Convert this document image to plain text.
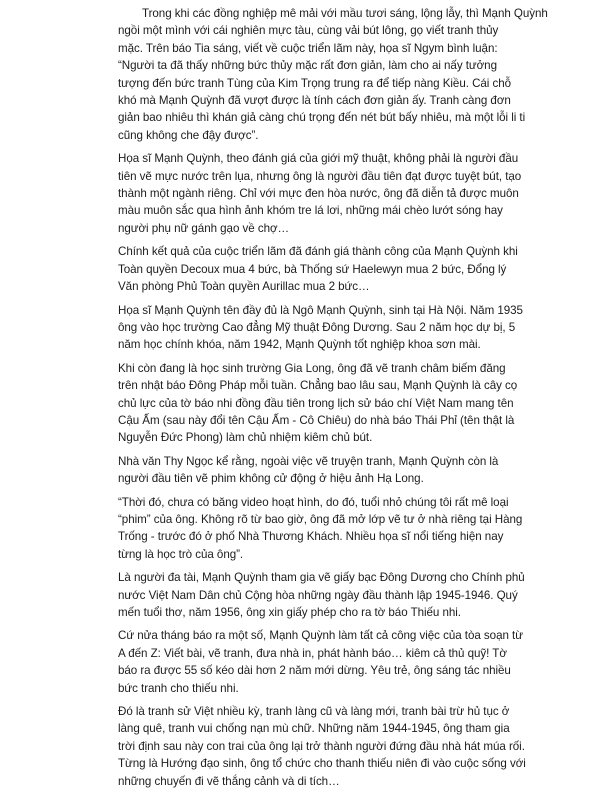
Trong khi các đồng nghiệp mê mải với mầu tươi sáng, lộng lẫy, thì Mạnh Quỳnh
ngồi một mình với cái nghiên mực tàu, cùng vải bút lông, gọ viết tranh thủy
mặc. Trên báo Tia sáng, viết về cuộc triển lãm này, họa sĩ Ngym bình luận:
“Người ta đã thấy những bức thủy mặc rất đơn giản, làm cho ai nấy tưởng
tượng đến bức tranh Tùng của Kim Trọng trung ra để tiếp nàng Kiều. Cái chỗ
khó mà Mạnh Quỳnh đã vượt được là tính cách đơn giản ấy. Tranh càng đơn
giản bao nhiêu thì khán giả càng chú trọng đến nét bút bấy nhiêu, mà một lỗi li ti
cũng không che đậy được”.

Họa sĩ Mạnh Quỳnh, theo đánh giá của giới mỹ thuật, không phải là người đầu
tiên vẽ mực nước trên lụa, nhưng ông là người đầu tiên đạt được tuyệt bút, tạo
thành một ngành riêng. Chỉ với mực đen hòa nước, ông đã diễn tả được muôn
màu muôn sắc qua hình ảnh khóm tre lá lơi, những mái chèo lướt sóng hay
người phụ nữ gánh gạo về chợ…

Chính kết quả của cuộc triển lãm đã đánh giá thành công của Mạnh Quỳnh khi
Toàn quyền Decoux mua 4 bức, bà Thống sứ Haelewyn mua 2 bức, Đổng lý
Văn phòng Phủ Toàn quyền Aurillac mua 2 bức…

Họa sĩ Mạnh Quỳnh tên đầy đủ là Ngô Mạnh Quỳnh, sinh tại Hà Nội. Năm 1935
ông vào học trường Cao đẳng Mỹ thuật Đông Dương. Sau 2 năm học dự bị, 5
năm học chính khóa, năm 1942, Mạnh Quỳnh tốt nghiệp khoa sơn mài.

Khi còn đang là học sinh trường Gia Long, ông đã vẽ tranh châm biếm đăng
trên nhật báo Đông Pháp mỗi tuần. Chẳng bao lâu sau, Mạnh Quỳnh là cây cọ
chủ lực của tờ báo nhi đồng đầu tiên trong lịch sử báo chí Việt Nam mang tên
Cậu Ấm (sau này đổi tên Cậu Ấm - Cô Chiêu) do nhà báo Thái Phỉ (tên thật là
Nguyễn Đức Phong) làm chủ nhiệm kiêm chủ bút.

Nhà văn Thy Ngọc kể rằng, ngoài việc vẽ truyện tranh, Mạnh Quỳnh còn là
người đầu tiên vẽ phim không cử động ở hiệu ảnh Hạ Long.

“Thời đó, chưa có băng video hoạt hình, do đó, tuổi nhỏ chúng tôi rất mê loại
“phim” của ông. Không rõ từ bao giờ, ông đã mở lớp vẽ tư ở nhà riêng tại Hàng
Trống - trước đó ở phố Nhà Thương Khách. Nhiều họa sĩ nổi tiếng hiện nay
từng là học trò của ông”.

Là người đa tài, Mạnh Quỳnh tham gia vẽ giấy bạc Đông Dương cho Chính phủ
nước Việt Nam Dân chủ Cộng hòa những ngày đầu thành lập 1945-1946. Quý
mến tuổi thơ, năm 1956, ông xin giấy phép cho ra tờ báo Thiếu nhi.

Cứ nửa tháng báo ra một số, Mạnh Quỳnh làm tất cả công việc của tòa soạn từ
A đến Z: Viết bài, vẽ tranh, đưa nhà in, phát hành báo… kiêm cả thủ quỹ! Tờ
báo ra được 55 số kéo dài hơn 2 năm mới dừng. Yêu trẻ, ông sáng tác nhiều
bức tranh cho thiếu nhi.

Đó là tranh sử Việt nhiều kỳ, tranh làng cũ và làng mới, tranh bài trừ hủ tục ở
làng quê, tranh vui chống nạn mù chữ. Những năm 1944-1945, ông tham gia
trời định sau này con trai của ông lại trở thành người đứng đầu nhà hát múa rối.
Từng là Hướng đạo sinh, ông tổ chức cho thanh thiếu niên đi vào cuộc sống với
những chuyến đi vẽ thắng cảnh và di tích…
